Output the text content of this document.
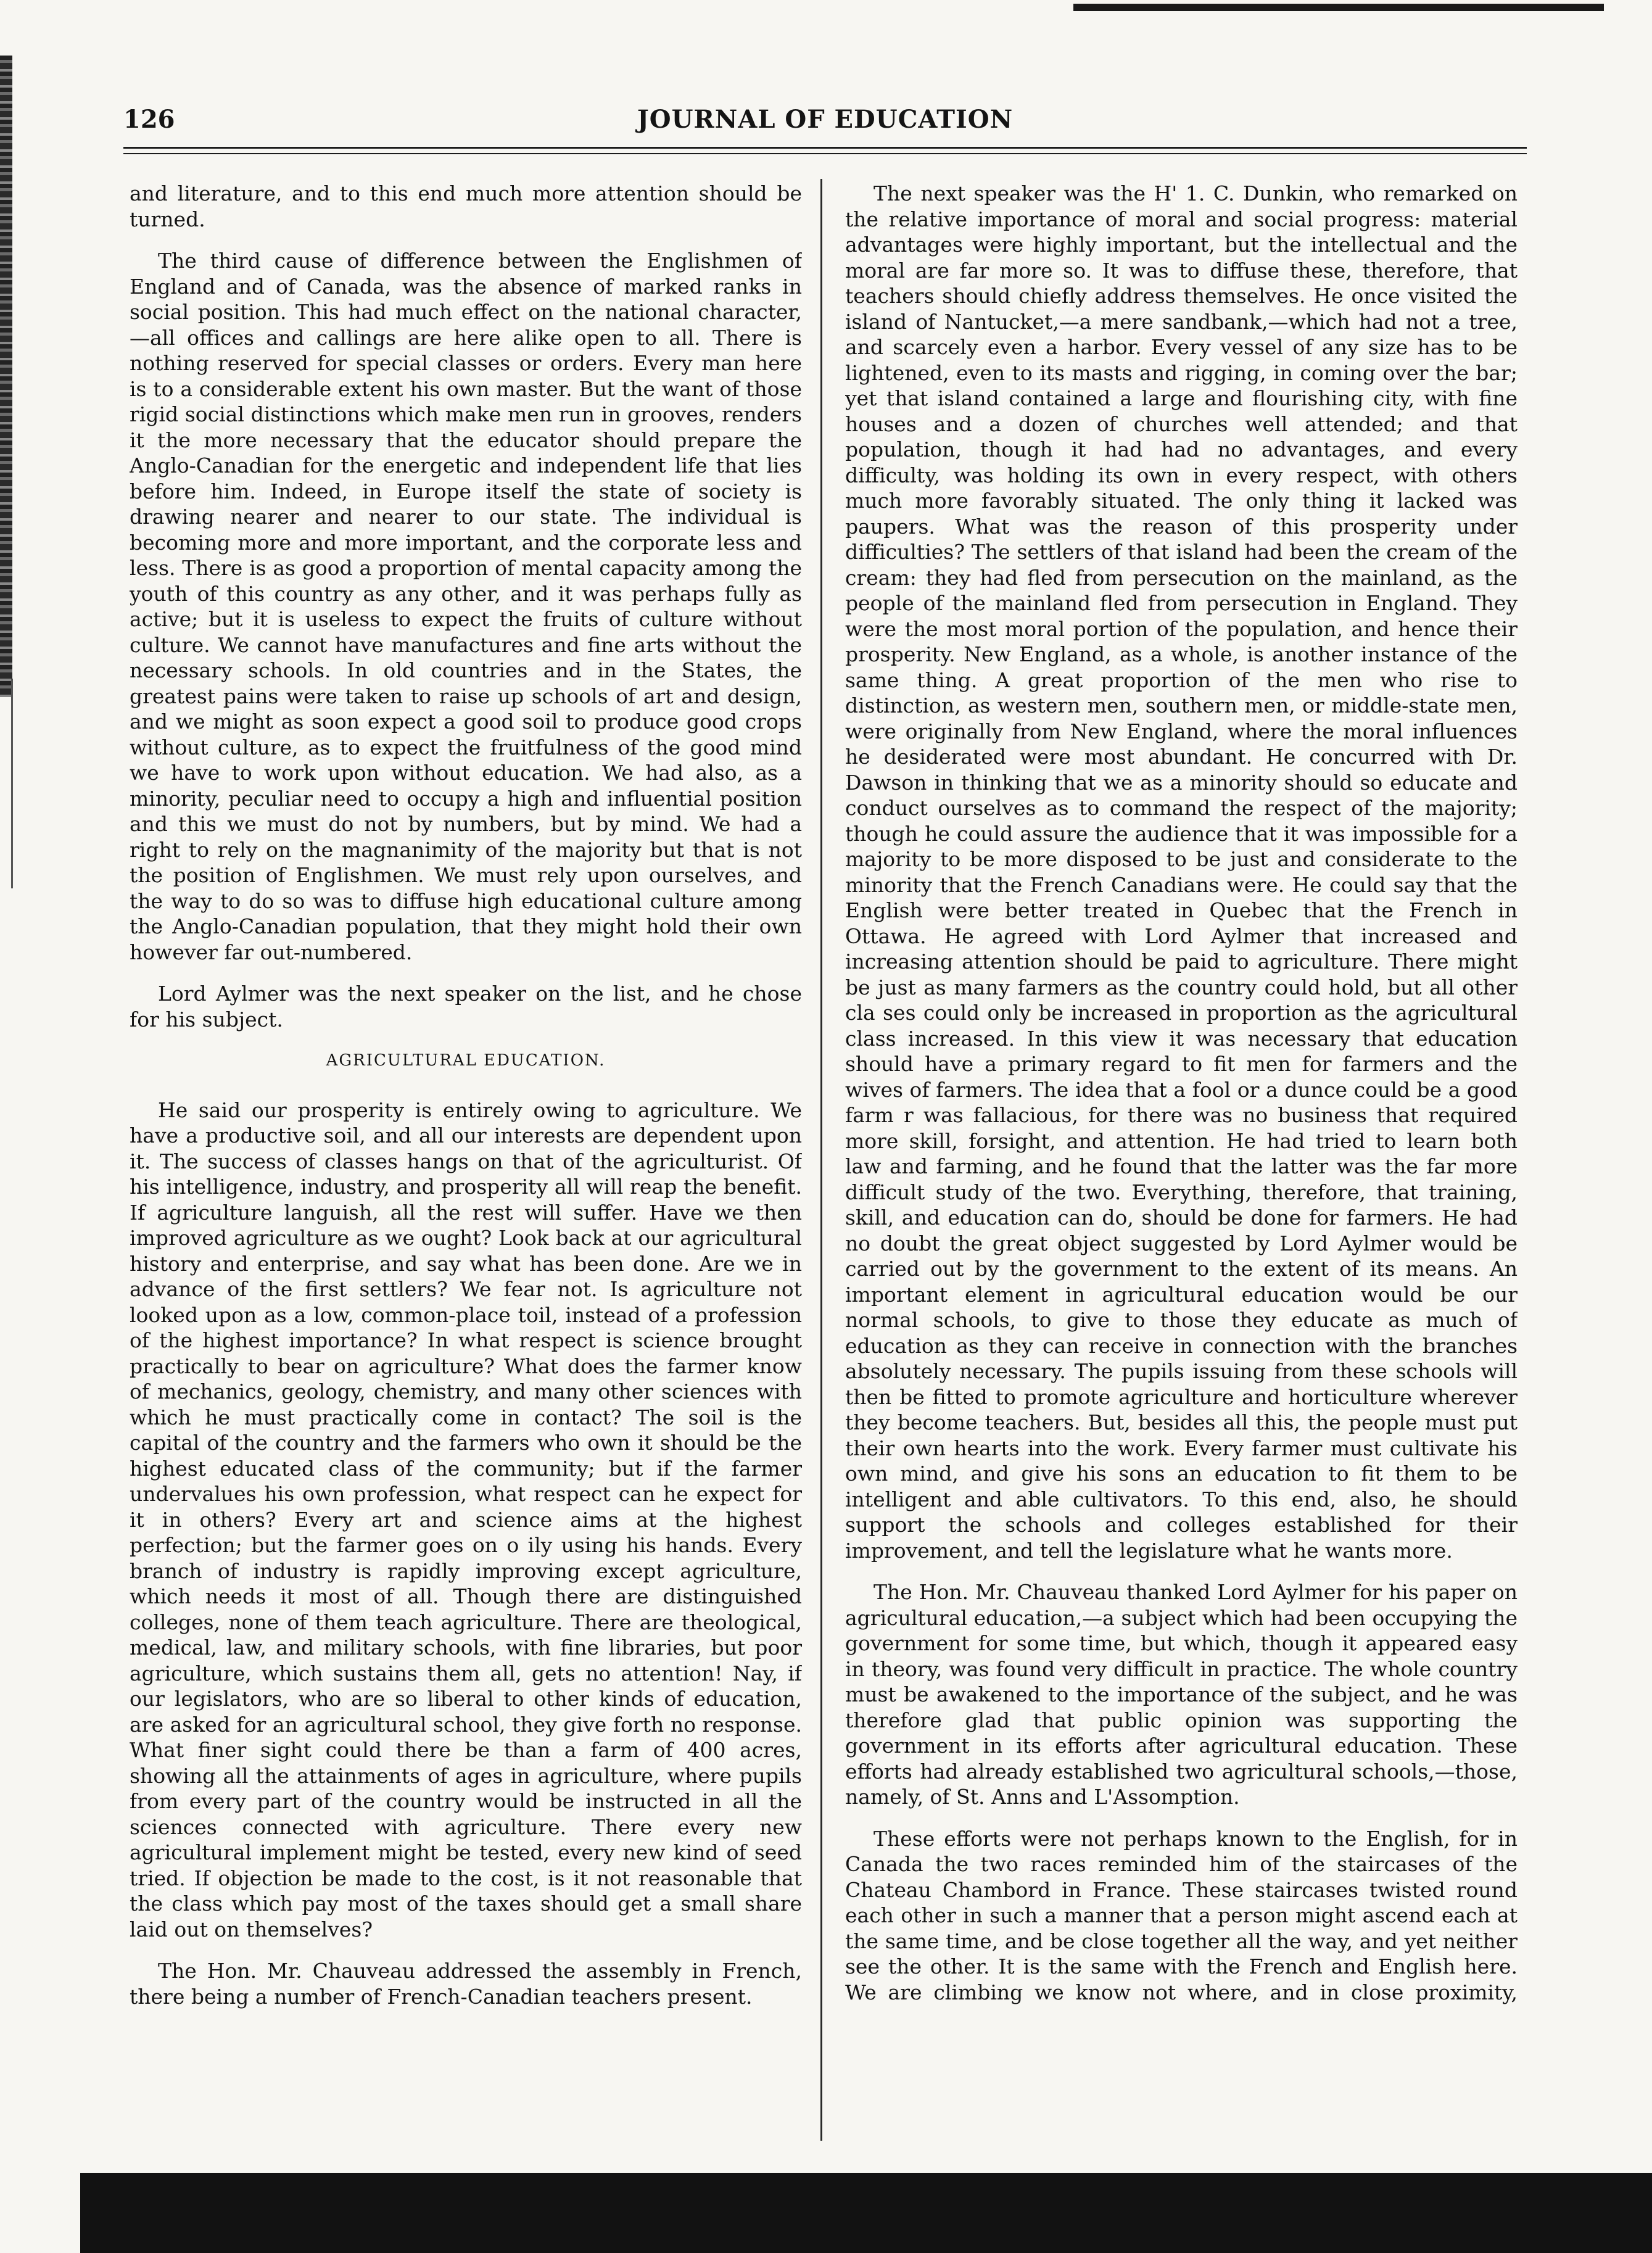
126	JOURNAL OF EDUCATION

and literature, and to this end much more attention should be turned.

The third cause of difference between the Englishmen of England and of Canada, was the absence of marked ranks in social position. This had much effect on the national character, —all offices and callings are here alike open to all. There is nothing reserved for special classes or orders. Every man here is to a considerable extent his own master. But the want of those rigid social distinctions which make men run in grooves, renders it the more necessary that the educator should prepare the Anglo-Canadian for the energetic and independent life that lies before him. Indeed, in Europe itself the state of society is drawing nearer and nearer to our state. The individual is becoming more and more important, and the corporate less and less. There is as good a proportion of mental capacity among the youth of this country as any other, and it was perhaps fully as active; but it is useless to expect the fruits of culture without culture. We cannot have manufactures and fine arts without the necessary schools. In old countries and in the States, the greatest pains were taken to raise up schools of art and design, and we might as soon expect a good soil to produce good crops without culture, as to expect the fruitfulness of the good mind we have to work upon without education. We had also, as a minority, peculiar need to occupy a high and influential position and this we must do not by numbers, but by mind. We had a right to rely on the magnanimity of the majority but that is not the position of Englishmen. We must rely upon ourselves, and the way to do so was to diffuse high educational culture among the Anglo-Canadian population, that they might hold their own however far out-numbered.

Lord Aylmer was the next speaker on the list, and he chose for his subject.

AGRICULTURAL EDUCATION.

He said our prosperity is entirely owing to agriculture. We have a productive soil, and all our interests are dependent upon it. The success of classes hangs on that of the agriculturist. Of his intelligence, industry, and prosperity all will reap the benefit. If agriculture languish, all the rest will suffer. Have we then improved agriculture as we ought? Look back at our agricultural history and enterprise, and say what has been done. Are we in advance of the first settlers? We fear not. Is agriculture not looked upon as a low, common-place toil, instead of a profession of the highest importance? In what respect is science brought practically to bear on agriculture? What does the farmer know of mechanics, geology, chemistry, and many other sciences with which he must practically come in contact? The soil is the capital of the country and the farmers who own it should be the highest educated class of the community; but if the farmer undervalues his own profession, what respect can he expect for it in others? Every art and science aims at the highest perfection; but the farmer goes on o ily using his hands. Every branch of industry is rapidly improving except agriculture, which needs it most of all. Though there are distinguished colleges, none of them teach agriculture. There are theological, medical, law, and military schools, with fine libraries, but poor agriculture, which sustains them all, gets no attention! Nay, if our legislators, who are so liberal to other kinds of education, are asked for an agricultural school, they give forth no response. What finer sight could there be than a farm of 400 acres, showing all the attainments of ages in agriculture, where pupils from every part of the country would be instructed in all the sciences connected with agriculture. There every new agricultural implement might be tested, every new kind of seed tried. If objection be made to the cost, is it not reasonable that the class which pay most of the taxes should get a small share laid out on themselves?

The Hon. Mr. Chauveau addressed the assembly in French, there being a number of French-Canadian teachers present.

The next speaker was the H' 1. C. Dunkin, who remarked on the relative importance of moral and social progress: material advantages were highly important, but the intellectual and the moral are far more so. It was to diffuse these, therefore, that teachers should chiefly address themselves. He once visited the island of Nantucket,—a mere sandbank,—which had not a tree, and scarcely even a harbor. Every vessel of any size has to be lightened, even to its masts and rigging, in coming over the bar; yet that island contained a large and flourishing city, with fine houses and a dozen of churches well attended; and that population, though it had had no advantages, and every difficulty, was holding its own in every respect, with others much more favorably situated. The only thing it lacked was paupers. What was the reason of this prosperity under difficulties? The settlers of that island had been the cream of the cream: they had fled from persecution on the mainland, as the people of the mainland fled from persecution in England. They were the most moral portion of the population, and hence their prosperity. New England, as a whole, is another instance of the same thing. A great proportion of the men who rise to distinction, as western men, southern men, or middle-state men, were originally from New England, where the moral influences he desiderated were most abundant. He concurred with Dr. Dawson in thinking that we as a minority should so educate and conduct ourselves as to command the respect of the majority; though he could assure the audience that it was impossible for a majority to be more disposed to be just and considerate to the minority that the French Canadians were. He could say that the English were better treated in Quebec that the French in Ottawa. He agreed with Lord Aylmer that increased and increasing attention should be paid to agriculture. There might be just as many farmers as the country could hold, but all other cla ses could only be increased in proportion as the agricultural class increased. In this view it was necessary that education should have a primary regard to fit men for farmers and the wives of farmers. The idea that a fool or a dunce could be a good farm r was fallacious, for there was no business that required more skill, forsight, and attention. He had tried to learn both law and farming, and he found that the latter was the far more difficult study of the two. Everything, therefore, that training, skill, and education can do, should be done for farmers. He had no doubt the great object suggested by Lord Aylmer would be carried out by the government to the extent of its means. An important element in agricultural education would be our normal schools, to give to those they educate as much of education as they can receive in connection with the branches absolutely necessary. The pupils issuing from these schools will then be fitted to promote agriculture and horticulture wherever they become teachers. But, besides all this, the people must put their own hearts into the work. Every farmer must cultivate his own mind, and give his sons an education to fit them to be intelligent and able cultivators. To this end, also, he should support the schools and colleges established for their improvement, and tell the legislature what he wants more.

The Hon. Mr. Chauveau thanked Lord Aylmer for his paper on agricultural education,—a subject which had been occupying the government for some time, but which, though it appeared easy in theory, was found very difficult in practice. The whole country must be awakened to the importance of the subject, and he was therefore glad that public opinion was supporting the government in its efforts after agricultural education. These efforts had already established two agricultural schools,—those, namely, of St. Anns and L'Assomption.

These efforts were not perhaps known to the English, for in Canada the two races reminded him of the staircases of the Chateau Chambord in France. These staircases twisted round each other in such a manner that a person might ascend each at the same time, and be close together all the way, and yet neither see the other. It is the same with the French and English here. We are climbing we know not where, and in close proximity,
